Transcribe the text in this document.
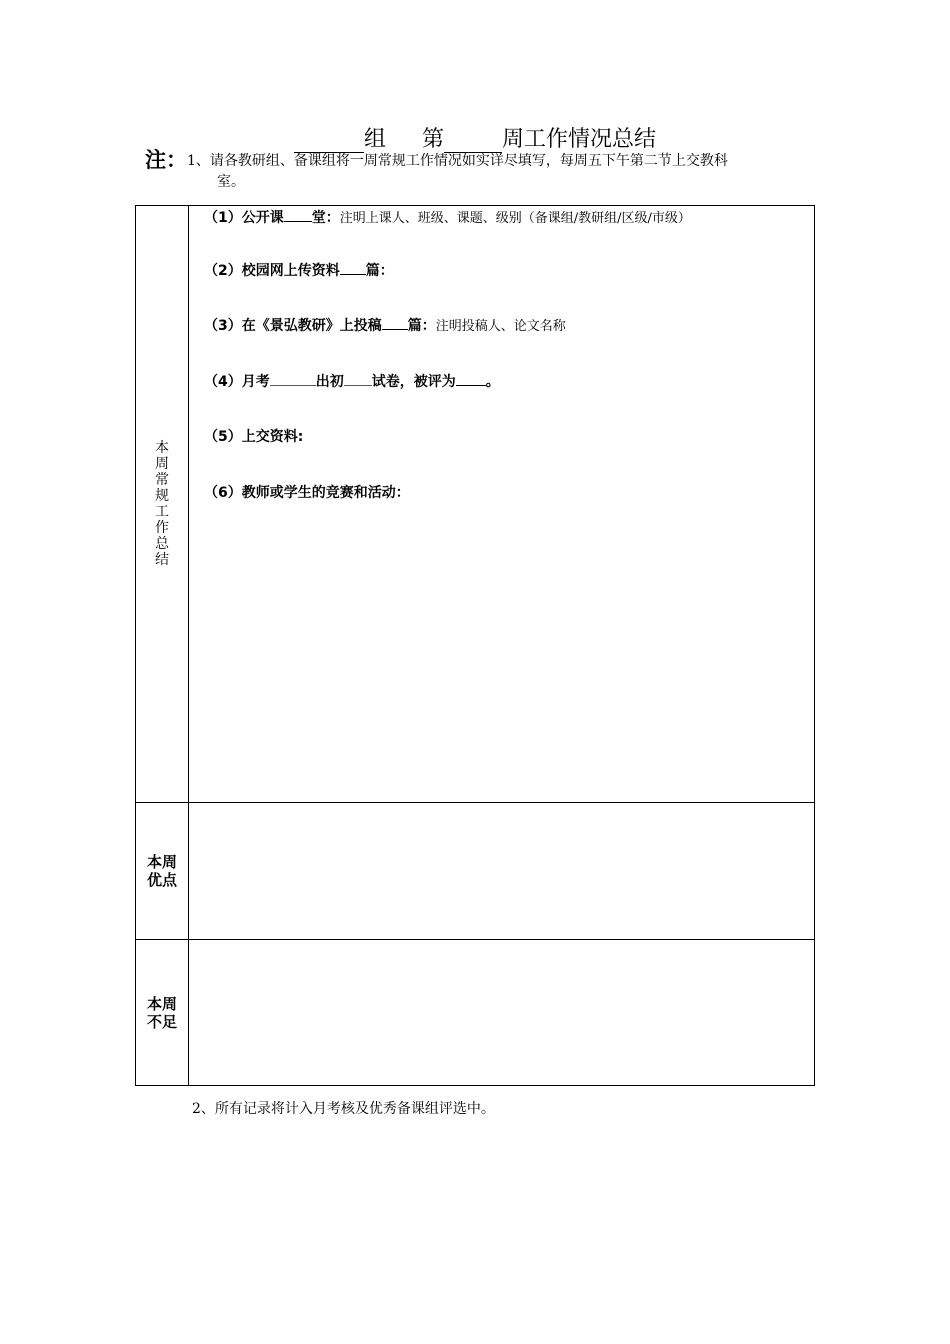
组 第	周工作情况总结
注：1、请各教研组、备课组将一周常规工作情况如实详尽填写，每周五下午第二节上交教科
室。
本周常规工作总结
（1）公开课 堂：注明上课人、班级、课题、级别（备课组/教研组/区级/市级）
（2）校园网上传资料 篇：
（3）在《景弘教研》上投稿 篇：注明投稿人、论文名称
（4）月考	出初 试卷，被评为 。
（5）上交资料:
（6）教师或学生的竞赛和活动：
本周优点
本周不足
2、所有记录将计入月考核及优秀备课组评选中。
